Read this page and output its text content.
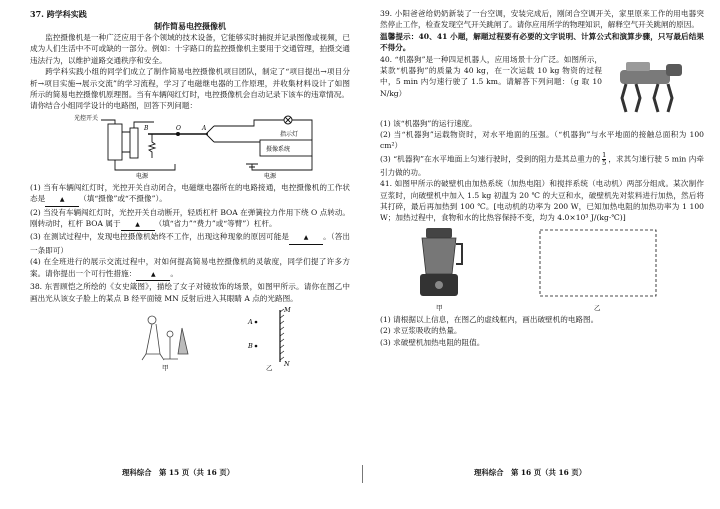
37. 跨学科实践

制作简易电控摄像机

监控摄像机是一种广泛应用于各个领域的技术设备，它能够实时捕捉并记录图像或视频，已成为人们生活中不可或缺的一部分。例如：十字路口的监控摄像机主要用于交通管理，拍摄交通违法行为，以维护道路交通秩序和安全。

跨学科实践小组的同学们成立了制作简易电控摄像机项目团队，制定了“项目提出→项目分析→项目实施→展示交流”的学习流程，学习了电磁继电器的工作原理，并收集材料设计了如图所示的简易电控摄像机原理图。当有车辆闯红灯时，电控摄像机会自动记录下该车的违章情况。

请你结合小组同学设计的电路图，回答下列问题：

光控开关
指示灯
摄像系统
电源	电源
B	O	A

(1) 当有车辆闯红灯时，光控开关自动闭合，电磁继电器所在的电路接通，电控摄像机的工作状态是 ▲ （填“摄像”或“不摄像”）。

(2) 当没有车辆闯红灯时，光控开关自动断开，轻质杠杆 BOA 在弹簧拉力作用下绕 O 点转动。刚转动时，杠杆 BOA 属于 ▲ （填“省力”“费力”或“等臂”）杠杆。

(3) 在测试过程中，发现电控摄像机始终不工作，出现这种现象的原因可能是 ▲ 。（答出一条即可）

(4) 在全班进行的展示交流过程中，对如何提高简易电控摄像机的灵敏度，同学们提了许多方案。请你提出一个可行性措施： ▲ 。

38. 东晋顾恺之所绘的《女史箴图》，描绘了女子对镜妆饰的场景，如图甲所示。请你在图乙中画出光从该女子脸上的某点 B 经平面镜 MN 反射后进入其眼睛 A 点的光路图。

A
B
M
N
甲	乙
理科综合　第 15 页（共 16 页）

39. 小阳爸爸给奶奶新装了一台空调，安装完成后，刚闭合空调开关，家里原来工作的用电器突然停止工作，检查发现空气开关跳闸了。请你应用所学的物理知识，解释空气开关跳闸的原因。

温馨提示：40、41 小题，解题过程要有必要的文字说明、计算公式和演算步骤，只写最后结果不得分。

40. “机器狗”是一种四足机器人，应用场景十分广泛。如图所示，某款“机器狗”的质量为 40 kg，在一次运载 10 kg 物资的过程中，5 min 内匀速行驶了 1.5 km。请解答下列问题：（g 取 10 N/kg）

(1) 该“机器狗”的运行速度。

(2) 当“机器狗”运载物资时，对水平地面的压强。（“机器狗”与水平地面的接触总面积为 100 cm²）

(3) “机器狗”在水平地面上匀速行驶时，受到的阻力是其总重力的 $\frac{1}{5}$ ，求其匀速行驶 5 min 内牵引力做的功。

41. 如图甲所示的破壁机由加热系统（加热电阻）和搅拌系统（电动机）两部分组成。某次制作豆浆时，向破壁机中加入 1.5 kg 初温为 20 ℃ 的大豆和水，破壁机先对浆料进行加热，然后将其打碎，最后再加热到 100 ℃。[电动机的功率为 200 W，已知加热电阻的加热功率为 1 100 W；加热过程中，食物和水的比热容保持不变，均为 4.0×10³ J/(kg·℃)]

甲	乙

(1) 请根据以上信息，在图乙的虚线框内，画出破壁机的电路图。

(2) 求豆浆吸收的热量。

(3) 求破壁机加热电阻的阻值。

理科综合　第 16 页（共 16 页）
